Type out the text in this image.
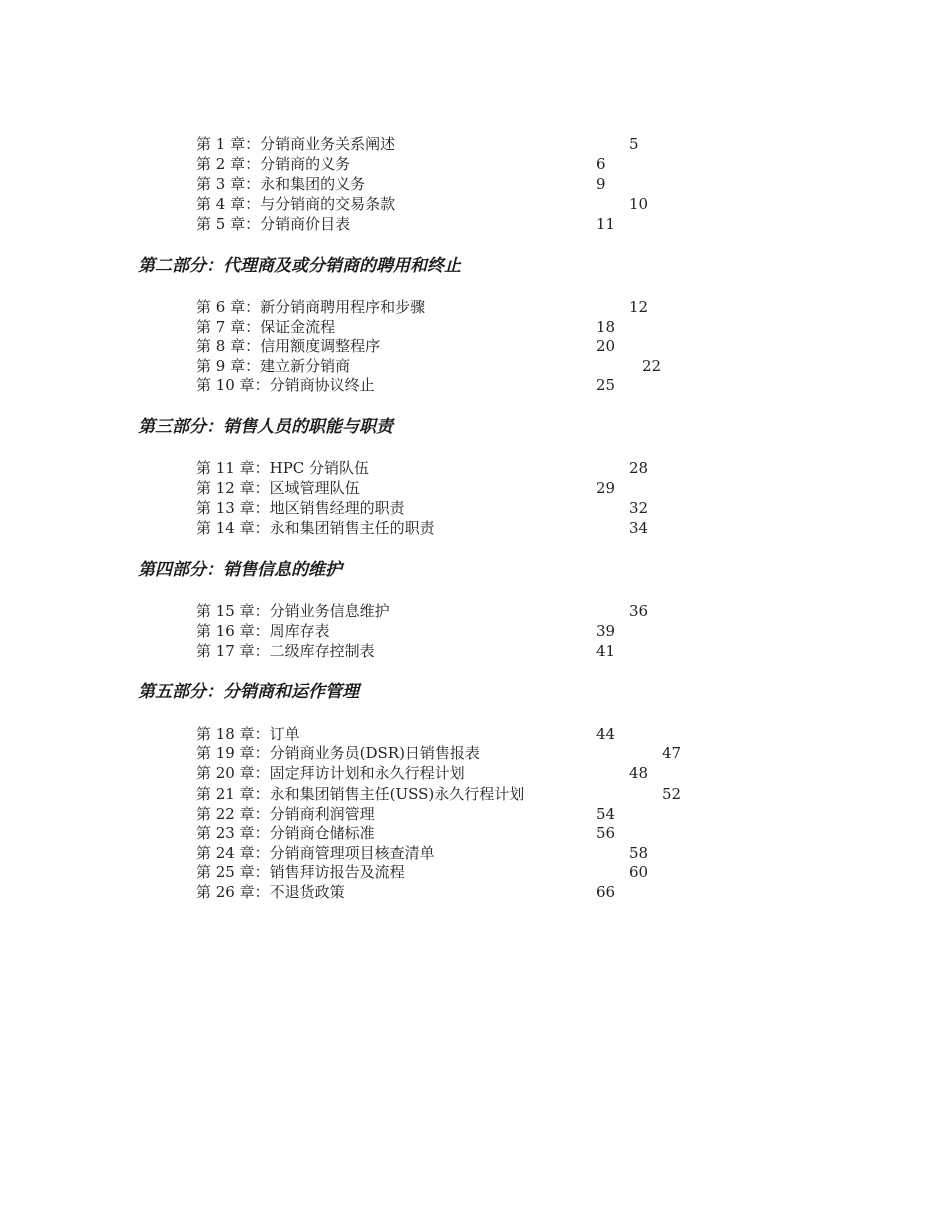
第 1 章：分销商业务关系阐述	5
第 2 章：分销商的义务	6
第 3 章：永和集团的义务	9
第 4 章：与分销商的交易条款	10
第 5 章：分销商价目表	11
第二部分：代理商及或分销商的聘用和终止
第 6 章：新分销商聘用程序和步骤	12
第 7 章：保证金流程	18
第 8 章：信用额度调整程序	20
第 9 章：建立新分销商	22
第 10 章：分销商协议终止	25
第三部分：销售人员的职能与职责
第 11 章：HPC 分销队伍	28
第 12 章：区域管理队伍	29
第 13 章：地区销售经理的职责	32
第 14 章：永和集团销售主任的职责	34
第四部分：销售信息的维护
第 15 章：分销业务信息维护	36
第 16 章：周库存表	39
第 17 章：二级库存控制表	41
第五部分：分销商和运作管理
第 18 章：订单	44
第 19 章：分销商业务员(DSR)日销售报表	47
第 20 章：固定拜访计划和永久行程计划	48
第 21 章：永和集团销售主任(USS)永久行程计划	52
第 22 章：分销商利润管理	54
第 23 章：分销商仓储标准	56
第 24 章：分销商管理项目核查清单	58
第 25 章：销售拜访报告及流程	60
第 26 章：不退货政策	66
